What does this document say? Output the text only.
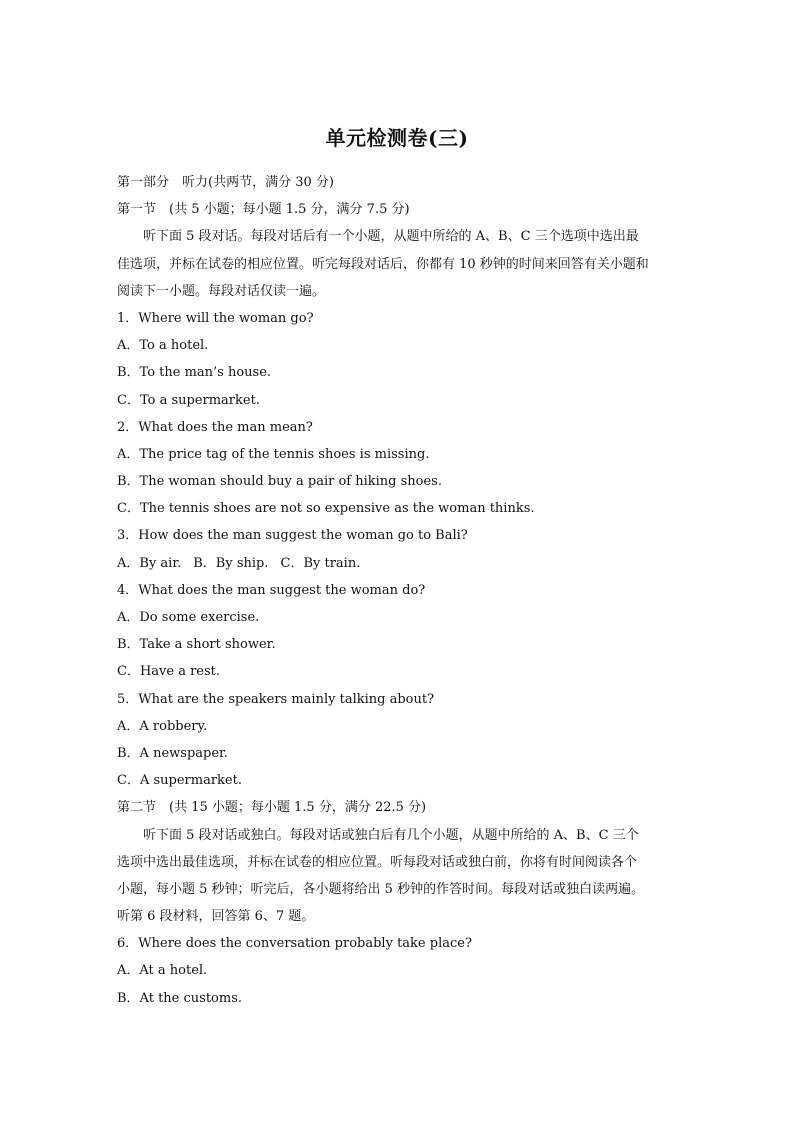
单元检测卷(三)
第一部分　听力(共两节，满分 30 分)
第一节　(共 5 小题；每小题 1.5 分，满分 7.5 分)
听下面 5 段对话。每段对话后有一个小题，从题中所给的 A、B、C 三个选项中选出最
佳选项，并标在试卷的相应位置。听完每段对话后，你都有 10 秒钟的时间来回答有关小题和
阅读下一小题。每段对话仅读一遍。
1．Where will the woman go?
A．To a hotel.
B．To the man’s house.
C．To a supermarket.
2．What does the man mean?
A．The price tag of the tennis shoes is missing.
B．The woman should buy a pair of hiking shoes.
C．The tennis shoes are not so expensive as the woman thinks.
3．How does the man suggest the woman go to Bali?
A．By air. B．By ship. C．By train.
4．What does the man suggest the woman do?
A．Do some exercise.
B．Take a short shower.
C．Have a rest.
5．What are the speakers mainly talking about?
A．A robbery.
B．A newspaper.
C．A supermarket.
第二节　(共 15 小题；每小题 1.5 分，满分 22.5 分)
听下面 5 段对话或独白。每段对话或独白后有几个小题，从题中所给的 A、B、C 三个
选项中选出最佳选项，并标在试卷的相应位置。听每段对话或独白前，你将有时间阅读各个
小题，每小题 5 秒钟；听完后，各小题将给出 5 秒钟的作答时间。每段对话或独白读两遍。
听第 6 段材料，回答第 6、7 题。
6．Where does the conversation probably take place?
A．At a hotel.
B．At the customs.
